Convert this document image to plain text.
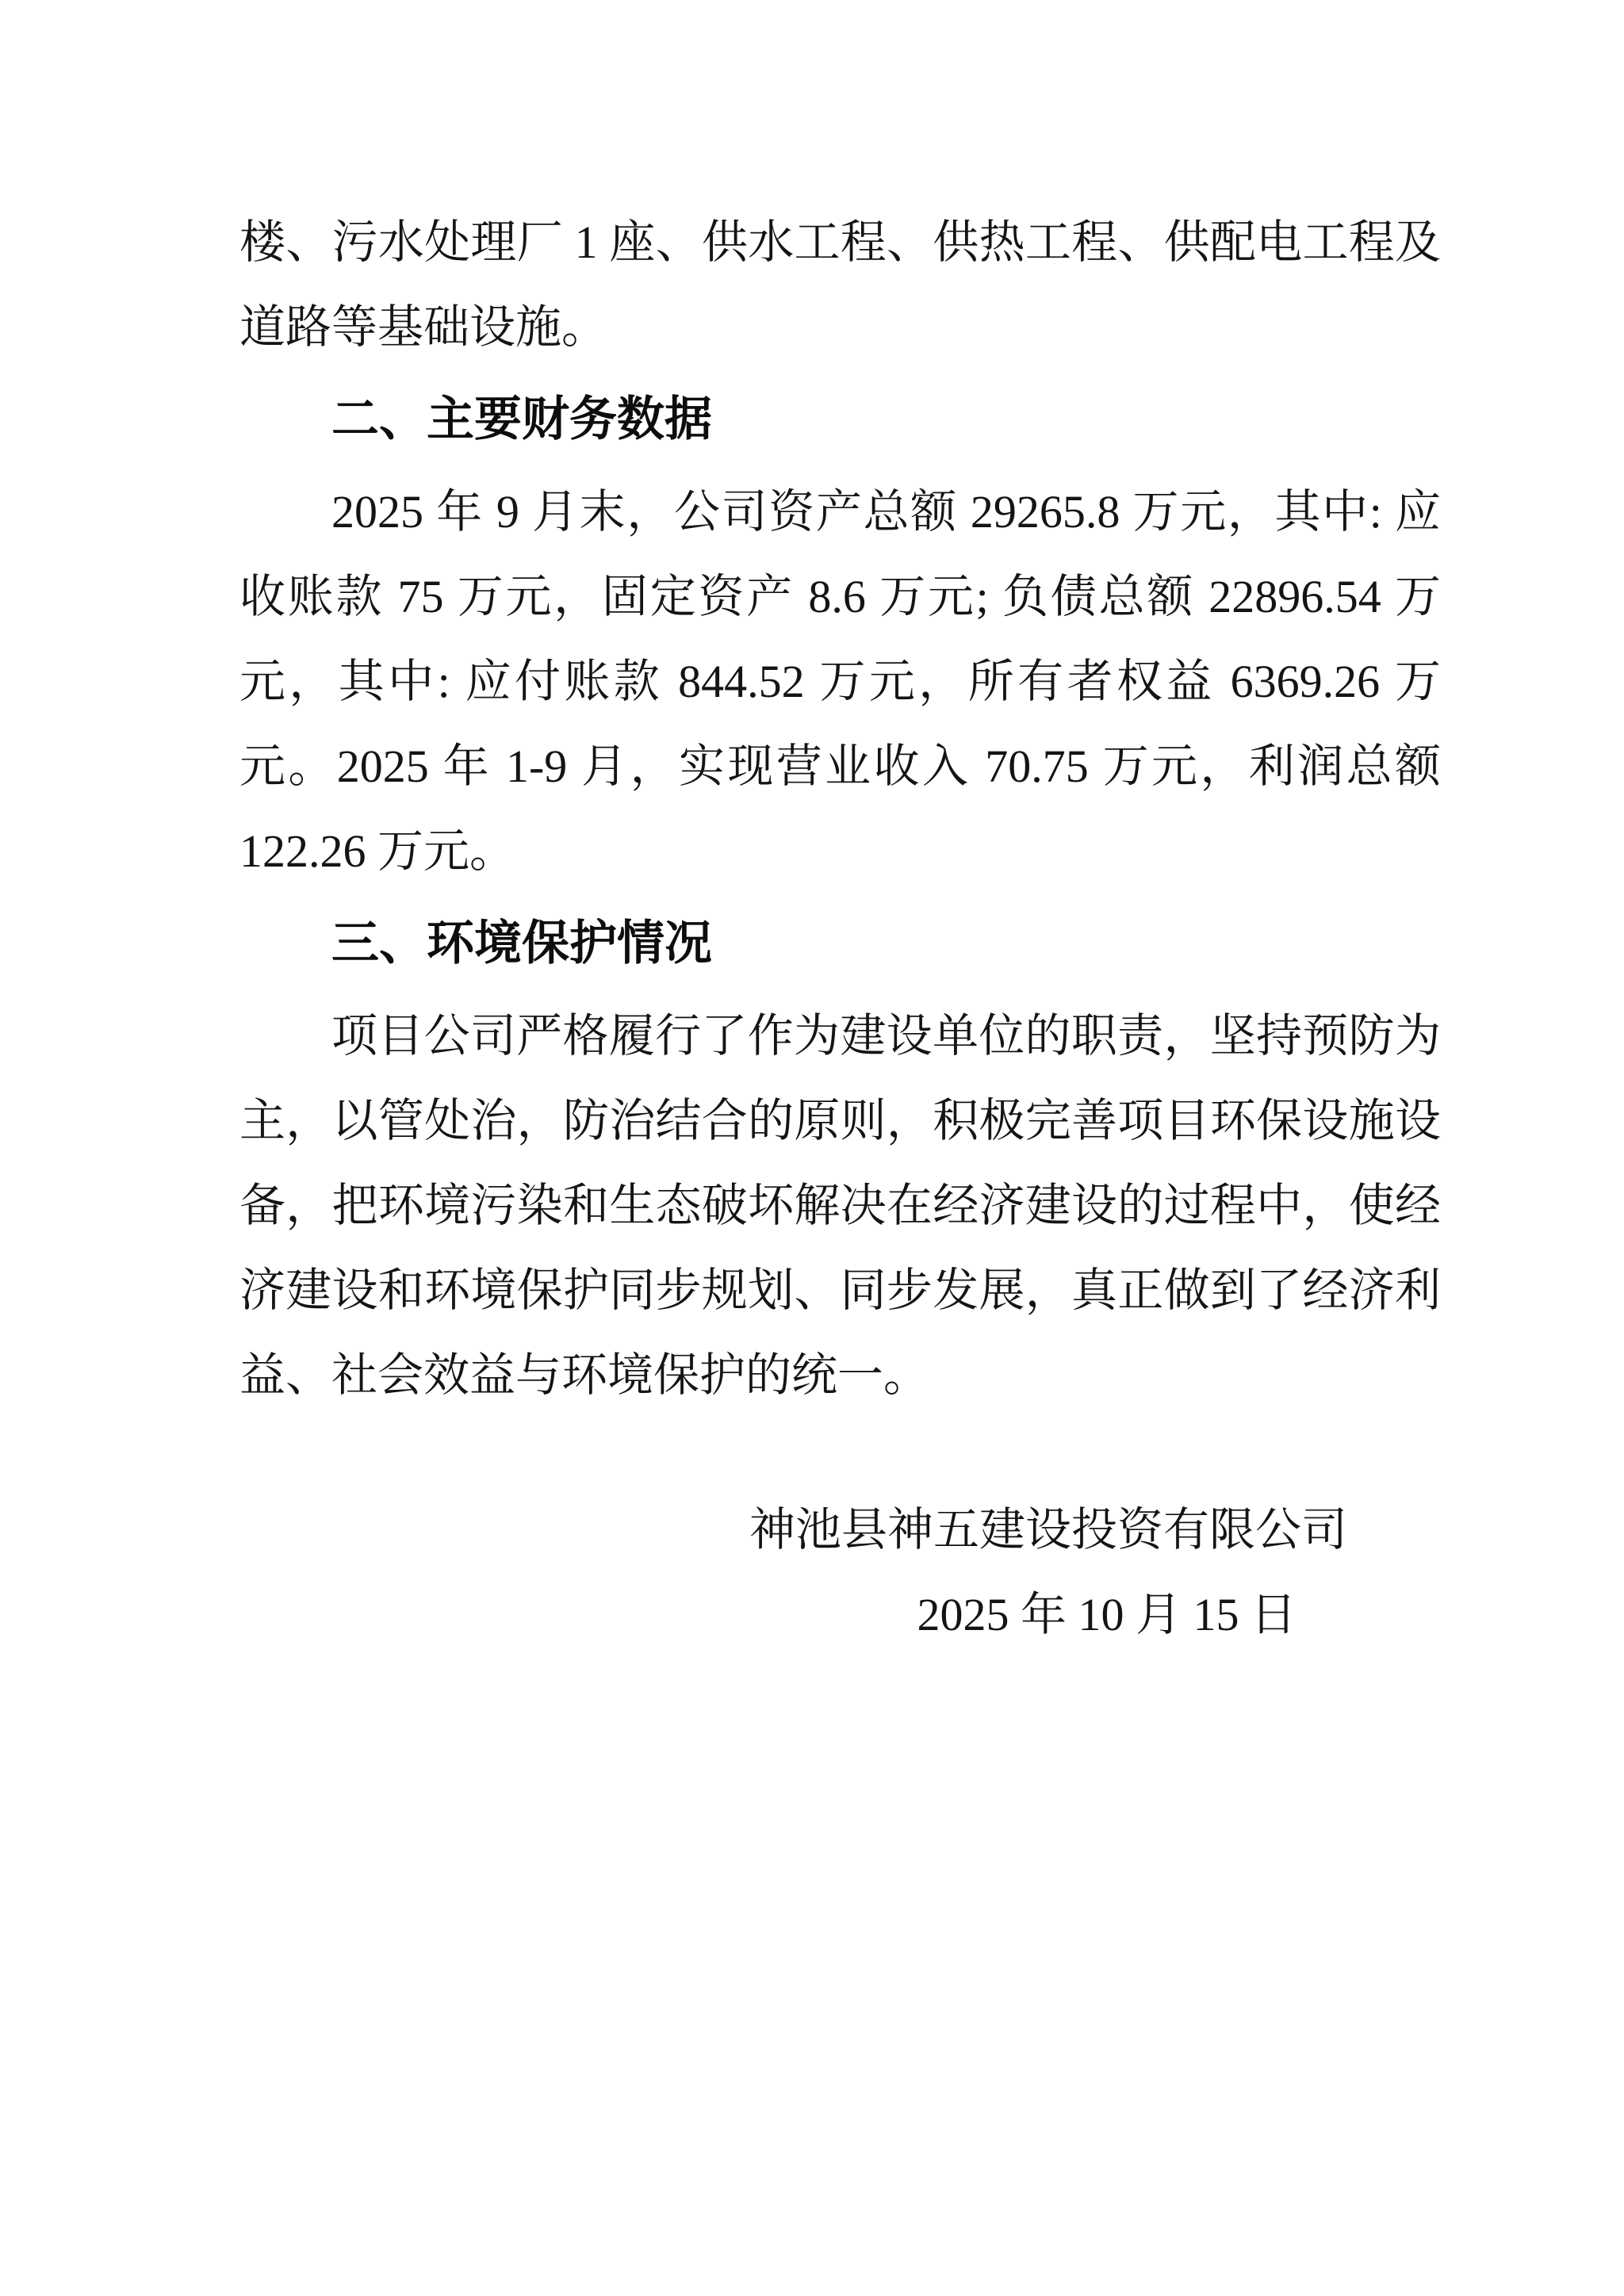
楼、污水处理厂 1 座、供水工程、供热工程、供配电工程及
道路等基础设施。
二、主要财务数据
2025 年 9 月末，公司资产总额 29265.8 万元，其中: 应
收账款 75 万元，固定资产 8.6 万元; 负债总额 22896.54 万
元，其中: 应付账款 844.52 万元，所有者权益 6369.26 万
元。2025 年 1-9 月，实现营业收入 70.75 万元，利润总额
122.26 万元。
三、环境保护情况
项目公司严格履行了作为建设单位的职责，坚持预防为
主，以管处治，防治结合的原则，积极完善项目环保设施设
备，把环境污染和生态破坏解决在经济建设的过程中，使经
济建设和环境保护同步规划、同步发展，真正做到了经济利
益、社会效益与环境保护的统一。
神池县神五建设投资有限公司
2025 年 10 月 15 日
